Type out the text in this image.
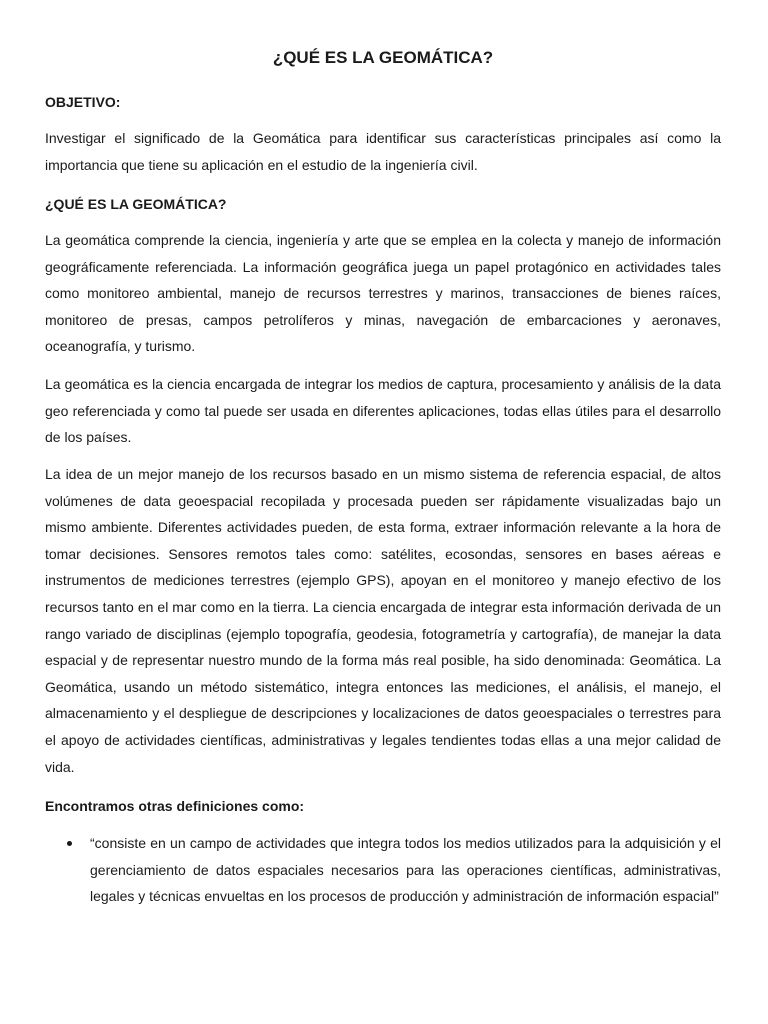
¿QUÉ ES LA GEOMÁTICA?

OBJETIVO:

Investigar el significado de la Geomática para identificar sus características principales así como la importancia que tiene su aplicación en el estudio de la ingeniería civil.

¿QUÉ ES LA GEOMÁTICA?

La geomática comprende la ciencia, ingeniería y arte que se emplea en la colecta y manejo de información geográficamente referenciada. La información geográfica juega un papel protagónico en actividades tales como monitoreo ambiental, manejo de recursos terrestres y marinos, transacciones de bienes raíces, monitoreo de presas, campos petrolíferos y minas, navegación de embarcaciones y aeronaves, oceanografía, y turismo.

La geomática es la ciencia encargada de integrar los medios de captura, procesamiento y análisis de la data geo referenciada y como tal puede ser usada en diferentes aplicaciones, todas ellas útiles para el desarrollo de los países.

La idea de un mejor manejo de los recursos basado en un mismo sistema de referencia espacial, de altos volúmenes de data geoespacial recopilada y procesada pueden ser rápidamente visualizadas bajo un mismo ambiente. Diferentes actividades pueden, de esta forma, extraer información relevante a la hora de tomar decisiones. Sensores remotos tales como: satélites, ecosondas, sensores en bases aéreas e instrumentos de mediciones terrestres (ejemplo GPS), apoyan en el monitoreo y manejo efectivo de los recursos tanto en el mar como en la tierra. La ciencia encargada de integrar esta información derivada de un rango variado de disciplinas (ejemplo topografía, geodesia, fotogrametría y cartografía), de manejar la data espacial y de representar nuestro mundo de la forma más real posible, ha sido denominada: Geomática. La Geomática, usando un método sistemático, integra entonces las mediciones, el análisis, el manejo, el almacenamiento y el despliegue de descripciones y localizaciones de datos geoespaciales o terrestres para el apoyo de actividades científicas, administrativas y legales tendientes todas ellas a una mejor calidad de vida.

Encontramos otras definiciones como:

“consiste en un campo de actividades que integra todos los medios utilizados para la adquisición y el gerenciamiento de datos espaciales necesarios para las operaciones científicas, administrativas, legales y técnicas envueltas en los procesos de producción y administración de información espacial”
